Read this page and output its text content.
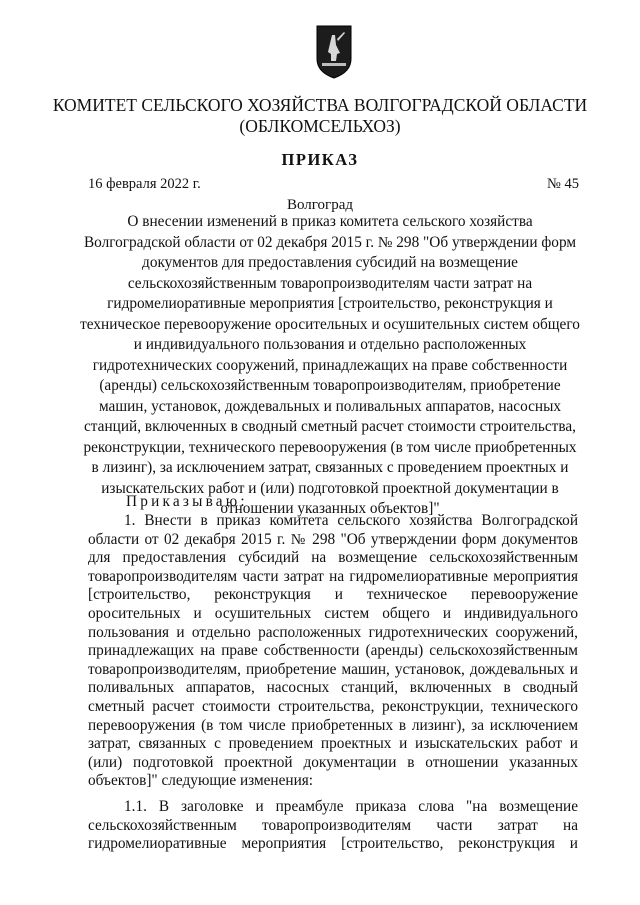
КОМИТЕТ СЕЛЬСКОГО ХОЗЯЙСТВА ВОЛГОГРАДСКОЙ ОБЛАСТИ
(ОБЛКОМСЕЛЬХОЗ)
ПРИКАЗ
16 февраля 2022 г.	№ 45
Волгоград
О внесении изменений в приказ комитета сельского хозяйства Волгоградской области от 02 декабря 2015 г. № 298 "Об утверждении форм документов для предоставления субсидий на возмещение сельскохозяйственным товаропроизводителям части затрат на гидромелиоративные мероприятия [строительство, реконструкция и техническое перевооружение оросительных и осушительных систем общего и индивидуального пользования и отдельно расположенных гидротехнических сооружений, принадлежащих на праве собственности (аренды) сельскохозяйственным товаропроизводителям, приобретение машин, установок, дождевальных и поливальных аппаратов, насосных станций, включенных в сводный сметный расчет стоимости строительства, реконструкции, технического перевооружения (в том числе приобретенных в лизинг), за исключением затрат, связанных с проведением проектных и изыскательских работ и (или) подготовкой проектной документации в отношении указанных объектов]"
Приказываю:
1. Внести в приказ комитета сельского хозяйства Волгоградской области от 02 декабря 2015 г. № 298 "Об утверждении форм документов для предоставления субсидий на возмещение сельскохозяйственным товаропроизводителям части затрат на гидромелиоративные мероприятия [строительство, реконструкция и техническое перевооружение оросительных и осушительных систем общего и индивидуального пользования и отдельно расположенных гидротехнических сооружений, принадлежащих на праве собственности (аренды) сельскохозяйственным товаропроизводителям, приобретение машин, установок, дождевальных и поливальных аппаратов, насосных станций, включенных в сводный сметный расчет стоимости строительства, реконструкции, технического перевооружения (в том числе приобретенных в лизинг), за исключением затрат, связанных с проведением проектных и изыскательских работ и (или) подготовкой проектной документации в отношении указанных объектов]" следующие изменения:
1.1. В заголовке и преамбуле приказа слова "на возмещение сельскохозяйственным товаропроизводителям части затрат на гидромелиоративные мероприятия [строительство, реконструкция и
